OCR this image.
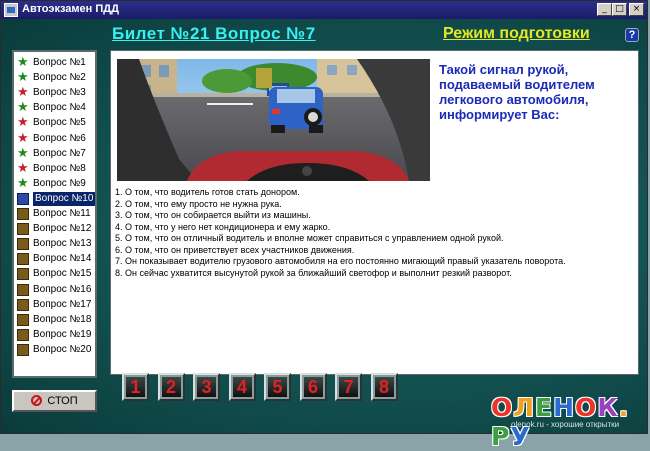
Автоэкзамен ПДД	_ □ ×
Билет №21 Вопрос №7	Режим подготовки	?
★ Вопрос №1
★ Вопрос №2
★ Вопрос №3
★ Вопрос №4
★ Вопрос №5
★ Вопрос №6
★ Вопрос №7
★ Вопрос №8
★ Вопрос №9
Вопрос №10
Вопрос №11
Вопрос №12
Вопрос №13
Вопрос №14
Вопрос №15
Вопрос №16
Вопрос №17
Вопрос №18
Вопрос №19
Вопрос №20
СТОП
Такой сигнал рукой, подаваемый водителем легкового автомобиля, информирует Вас:
1. О том, что водитель готов стать донором.
2. О том, что ему просто не нужна рука.
3. О том, что он собирается выйти из машины.
4. О том, что у него нет кондиционера и ему жарко.
5. О том, что он отличный водитель и вполне может справиться с управлением одной рукой.
6. О том, что он приветствует всех участников движения.
7. Он показывает водителю грузового автомобиля на его постоянно мигающий правый указатель поворота.
8. Он сейчас ухватится высунутой рукой за ближайший светофор и выполнит резкий разворот.
1 2 3 4 5 6 7 8
ОЛЕНОК.РУ
olenok.ru - хорошие открытки
